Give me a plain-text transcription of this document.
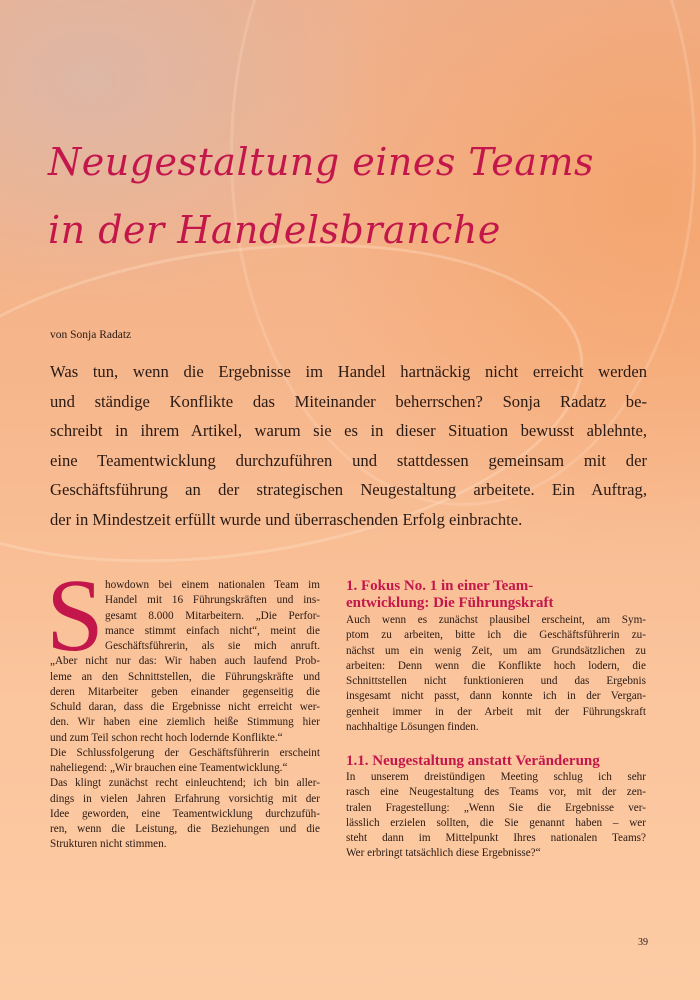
Neugestaltung eines Teams
in der Handelsbranche
von Sonja Radatz
Was tun, wenn die Ergebnisse im Handel hartnäckig nicht erreicht werden
und ständige Konflikte das Miteinander beherrschen? Sonja Radatz be-
schreibt in ihrem Artikel, warum sie es in dieser Situation bewusst ablehnte,
eine Teamentwicklung durchzuführen und stattdessen gemeinsam mit der
Geschäftsführung an der strategischen Neugestaltung arbeitete. Ein Auftrag,
der in Mindestzeit erfüllt wurde und überraschenden Erfolg einbrachte.
S howdown bei einem nationalen Team im
Handel mit 16 Führungskräften und ins-
gesamt 8.000 Mitarbeitern. „Die Perfor-
mance stimmt einfach nicht“, meint die
Geschäftsführerin, als sie mich anruft.
„Aber nicht nur das: Wir haben auch laufend Prob-
leme an den Schnittstellen, die Führungskräfte und
deren Mitarbeiter geben einander gegenseitig die
Schuld daran, dass die Ergebnisse nicht erreicht wer-
den. Wir haben eine ziemlich heiße Stimmung hier
und zum Teil schon recht hoch lodernde Konflikte.“
Die Schlussfolgerung der Geschäftsführerin erscheint
naheliegend: „Wir brauchen eine Teamentwicklung.“
Das klingt zunächst recht einleuchtend; ich bin aller-
dings in vielen Jahren Erfahrung vorsichtig mit der
Idee geworden, eine Teamentwicklung durchzufüh-
ren, wenn die Leistung, die Beziehungen und die
Strukturen nicht stimmen.
1. Fokus No. 1 in einer Team-
entwicklung: Die Führungskraft
Auch wenn es zunächst plausibel erscheint, am Sym-
ptom zu arbeiten, bitte ich die Geschäftsführerin zu-
nächst um ein wenig Zeit, um am Grundsätzlichen zu
arbeiten: Denn wenn die Konflikte hoch lodern, die
Schnittstellen nicht funktionieren und das Ergebnis
insgesamt nicht passt, dann konnte ich in der Vergan-
genheit immer in der Arbeit mit der Führungskraft
nachhaltige Lösungen finden.
1.1. Neugestaltung anstatt Veränderung
In unserem dreistündigen Meeting schlug ich sehr
rasch eine Neugestaltung des Teams vor, mit der zen-
tralen Fragestellung: „Wenn Sie die Ergebnisse ver-
lässlich erzielen sollten, die Sie genannt haben – wer
steht dann im Mittelpunkt Ihres nationalen Teams?
Wer erbringt tatsächlich diese Ergebnisse?“
39
